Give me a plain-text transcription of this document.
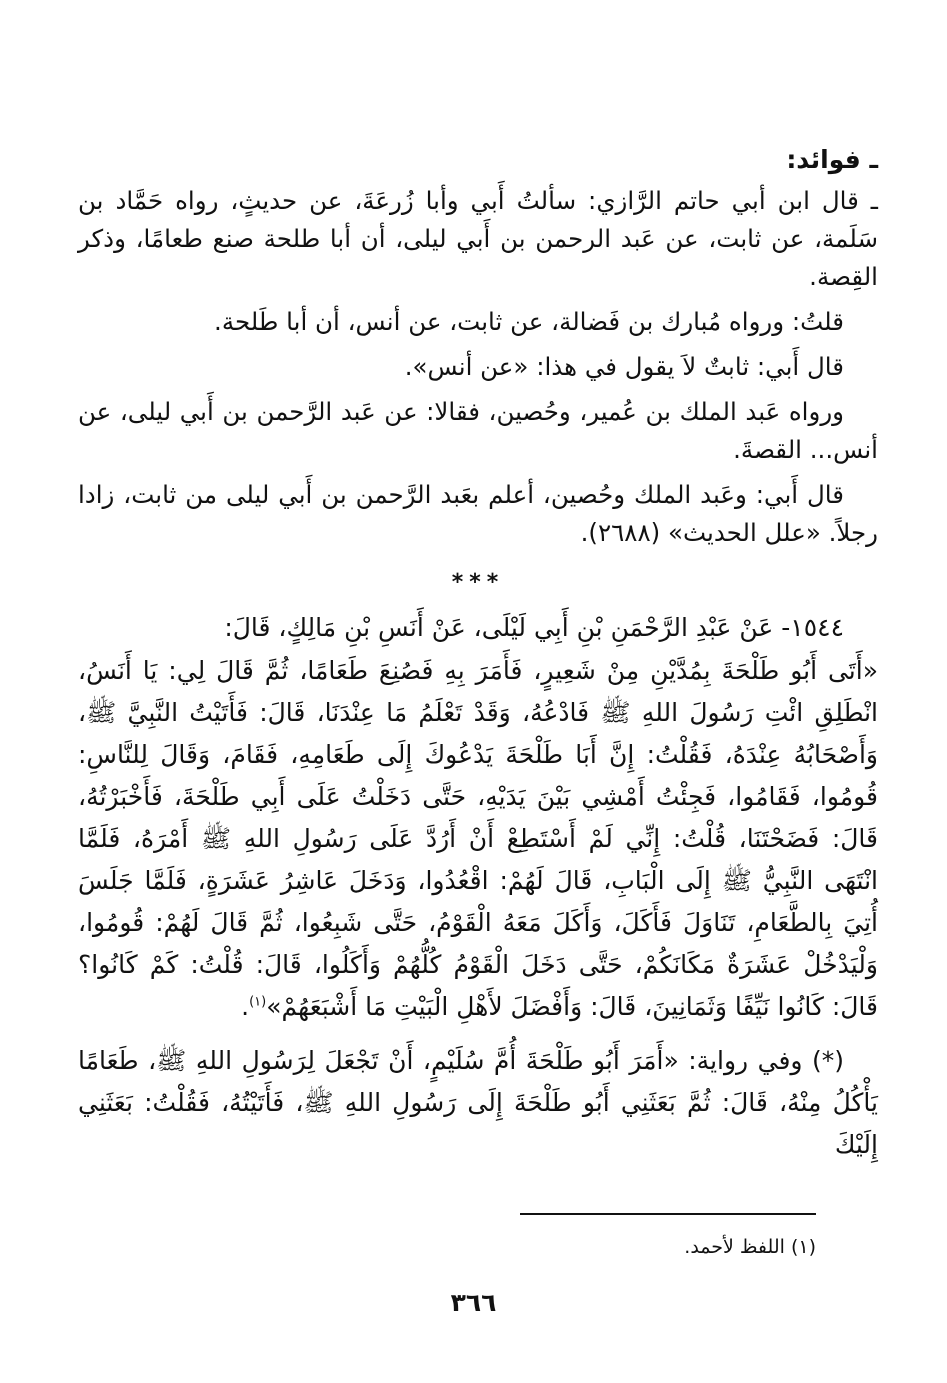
ـ فوائد:

ـ قال ابن أبي حاتم الرَّازي: سألتُ أَبي وأبا زُرعَةَ، عن حديثٍ، رواه حَمَّاد بن سَلَمة، عن ثابت، عن عَبد الرحمن بن أَبي ليلى، أن أبا طلحة صنع طعامًا، وذكر القِصة.

قلتُ: ورواه مُبارك بن فَضالة، عن ثابت، عن أنس، أن أبا طَلحة.

قال أَبي: ثابتٌ لاَ يقول في هذا: «عن أنس».

ورواه عَبد الملك بن عُمير، وحُصين، فقالا: عن عَبد الرَّحمن بن أَبي ليلى، عن أنس... القصةَ.

قال أَبي: وعَبد الملك وحُصين، أعلم بعَبد الرَّحمن بن أَبي ليلى من ثابت، زادا رجلاً. «علل الحديث» (٢٦٨٨).

***

١٥٤٤- عَنْ عَبْدِ الرَّحْمَنِ بْنِ أَبِي لَيْلَى، عَنْ أَنَسِ بْنِ مَالِكٍ، قَالَ:

«أَتَى أَبُو طَلْحَةَ بِمُدَّيْنِ مِنْ شَعِيرٍ، فَأَمَرَ بِهِ فَصُنِعَ طَعَامًا، ثُمَّ قَالَ لِي: يَا أَنَسُ، انْطَلِقِ ائْتِ رَسُولَ اللهِ ﷺ فَادْعُهُ، وَقَدْ تَعْلَمُ مَا عِنْدَنَا، قَالَ: فَأَتَيْتُ النَّبِيَّ ﷺ، وَأَصْحَابُهُ عِنْدَهُ، فَقُلْتُ: إِنَّ أَبَا طَلْحَةَ يَدْعُوكَ إِلَى طَعَامِهِ، فَقَامَ، وَقَالَ لِلنَّاسِ: قُومُوا، فَقَامُوا، فَجِئْتُ أَمْشِي بَيْنَ يَدَيْهِ، حَتَّى دَخَلْتُ عَلَى أَبِي طَلْحَةَ، فَأَخْبَرْتُهُ، قَالَ: فَضَحْتَنَا، قُلْتُ: إِنِّي لَمْ أَسْتَطِعْ أَنْ أَرُدَّ عَلَى رَسُولِ اللهِ ﷺ أَمْرَهُ، فَلَمَّا انْتَهَى النَّبِيُّ ﷺ إِلَى الْبَابِ، قَالَ لَهُمْ: اقْعُدُوا، وَدَخَلَ عَاشِرُ عَشَرَةٍ، فَلَمَّا جَلَسَ أُتِيَ بِالطَّعَامِ، تَنَاوَلَ فَأَكَلَ، وَأَكَلَ مَعَهُ الْقَوْمُ، حَتَّى شَبِعُوا، ثُمَّ قَالَ لَهُمْ: قُومُوا، وَلْيَدْخُلْ عَشَرَةٌ مَكَانَكُمْ، حَتَّى دَخَلَ الْقَوْمُ كُلُّهُمْ وَأَكَلُوا، قَالَ: قُلْتُ: كَمْ كَانُوا؟ قَالَ: كَانُوا نَيِّفًا وَثَمَانِينَ، قَالَ: وَأَفْضَلَ لأَهْلِ الْبَيْتِ مَا أَشْبَعَهُمْ»$^{(١)}$.

(*) وفي رواية: «أَمَرَ أَبُو طَلْحَةَ أُمَّ سُلَيْمٍ، أَنْ تَجْعَلَ لِرَسُولِ اللهِ ﷺ، طَعَامًا يَأْكُلُ مِنْهُ، قَالَ: ثُمَّ بَعَثَنِي أَبُو طَلْحَةَ إِلَى رَسُولِ اللهِ ﷺ، فَأَتَيْتُهُ، فَقُلْتُ: بَعَثَنِي إِلَيْكَ

(١) اللفظ لأحمد.
٣٦٦
